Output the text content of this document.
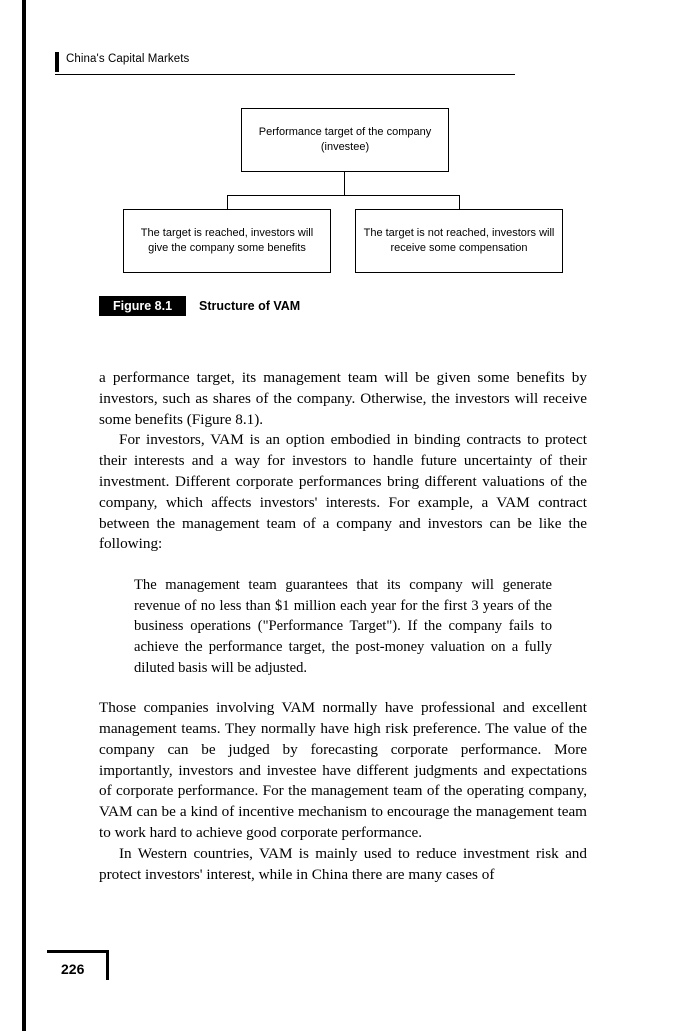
China's Capital Markets
Performance target of the company (investee)
The target is reached, investors will give the company some benefits
The target is not reached, investors will receive some compensation
Figure 8.1 Structure of VAM

a performance target, its management team will be given some benefits by investors, such as shares of the company. Otherwise, the investors will receive some benefits (Figure 8.1).

For investors, VAM is an option embodied in binding contracts to protect their interests and a way for investors to handle future uncertainty of their investment. Different corporate performances bring different valuations of the company, which affects investors' interests. For example, a VAM contract between the management team of a company and investors can be like the following:

The management team guarantees that its company will generate revenue of no less than $1 million each year for the first 3 years of the business operations ("Performance Target"). If the company fails to achieve the performance target, the post-money valuation on a fully diluted basis will be adjusted.

Those companies involving VAM normally have professional and excellent management teams. They normally have high risk preference. The value of the company can be judged by forecasting corporate performance. More importantly, investors and investee have different judgments and expectations of corporate performance. For the management team of the operating company, VAM can be a kind of incentive mechanism to encourage the management team to work hard to achieve good corporate performance.

In Western countries, VAM is mainly used to reduce investment risk and protect investors' interest, while in China there are many cases of

226
